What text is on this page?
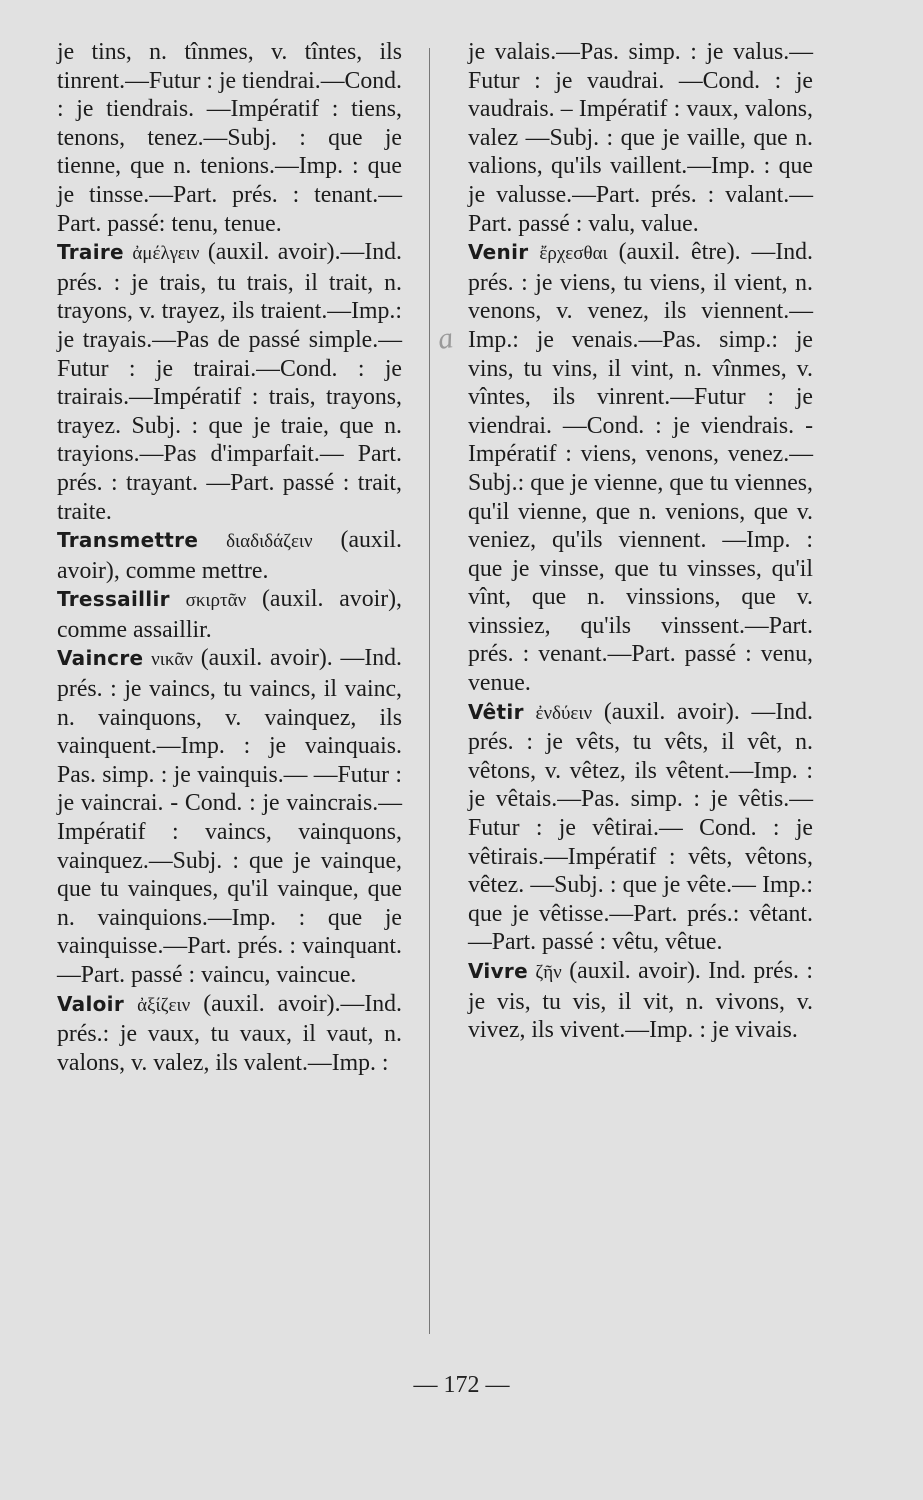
je tins, n. tînmes, v. tîntes, ils tinrent.—Futur : je tiendrai.—Cond. : je tiendrais. —Impératif : tiens, tenons, tenez.—Subj. : que je tienne, que n. tenions.—Imp. : que je tinsse.—Part. prés. : tenant.—Part. passé: tenu, tenue.

Traire ἀμέλγειν (auxil. avoir).—Ind. prés. : je trais, tu trais, il trait, n. trayons, v. trayez, ils traient.—Imp.: je trayais.—Pas de passé simple.—Futur : je trairai.—Cond. : je trairais.—Impératif : trais, trayons, trayez. Subj. : que je traie, que n. trayions.—Pas d'imparfait.— Part. prés. : trayant. —Part. passé : trait, traite.

Transmettre διαδιδάζειν (auxil. avoir), comme mettre.

Tressaillir σκιρτᾶν (auxil. avoir), comme assaillir.

Vaincre νικᾶν (auxil. avoir). —Ind. prés. : je vaincs, tu vaincs, il vainc, n. vainquons, v. vainquez, ils vainquent.—Imp. : je vainquais. Pas. simp. : je vainquis.— —Futur : je vaincrai. - Cond. : je vaincrais.—Impératif : vaincs, vainquons, vainquez.—Subj. : que je vainque, que tu vainques, qu'il vainque, que n. vainquions.—Imp. : que je vainquisse.—Part. prés. : vainquant.—Part. passé : vaincu, vaincue.

Valoir ἀξίζειν (auxil. avoir).—Ind. prés.: je vaux, tu vaux, il vaut, n. valons, v. valez, ils valent.—Imp. :

je valais.—Pas. simp. : je valus.—Futur : je vaudrai. —Cond. : je vaudrais. – Impératif : vaux, valons, valez —Subj. : que je vaille, que n. valions, qu'ils vaillent.—Imp. : que je valusse.—Part. prés. : valant.— Part. passé : valu, value.

Venir ἔρχεσθαι (auxil. être). —Ind. prés. : je viens, tu viens, il vient, n. venons, v. venez, ils viennent.— Imp.: je venais.—Pas. simp.: je vins, tu vins, il vint, n. vînmes, v. vîntes, ils vinrent.—Futur : je viendrai. —Cond. : je viendrais. - Impératif : viens, venons, venez.—Subj.: que je vienne, que tu viennes, qu'il vienne, que n. venions, que v. veniez, qu'ils viennent. —Imp. : que je vinsse, que tu vinsses, qu'il vînt, que n. vinssions, que v. vinssiez, qu'ils vinssent.—Part. prés. : venant.—Part. passé : venu, venue.

Vêtir ἐνδύειν (auxil. avoir). —Ind. prés. : je vêts, tu vêts, il vêt, n. vêtons, v. vêtez, ils vêtent.—Imp. : je vêtais.—Pas. simp. : je vêtis.—Futur : je vêtirai.— Cond. : je vêtirais.—Impératif : vêts, vêtons, vêtez. —Subj. : que je vête.— Imp.: que je vêtisse.—Part. prés.: vêtant.—Part. passé : vêtu, vêtue.

Vivre ζῆν (auxil. avoir). Ind. prés. : je vis, tu vis, il vit, n. vivons, v. vivez, ils vivent.—Imp. : je vivais.

a
— 172 —
